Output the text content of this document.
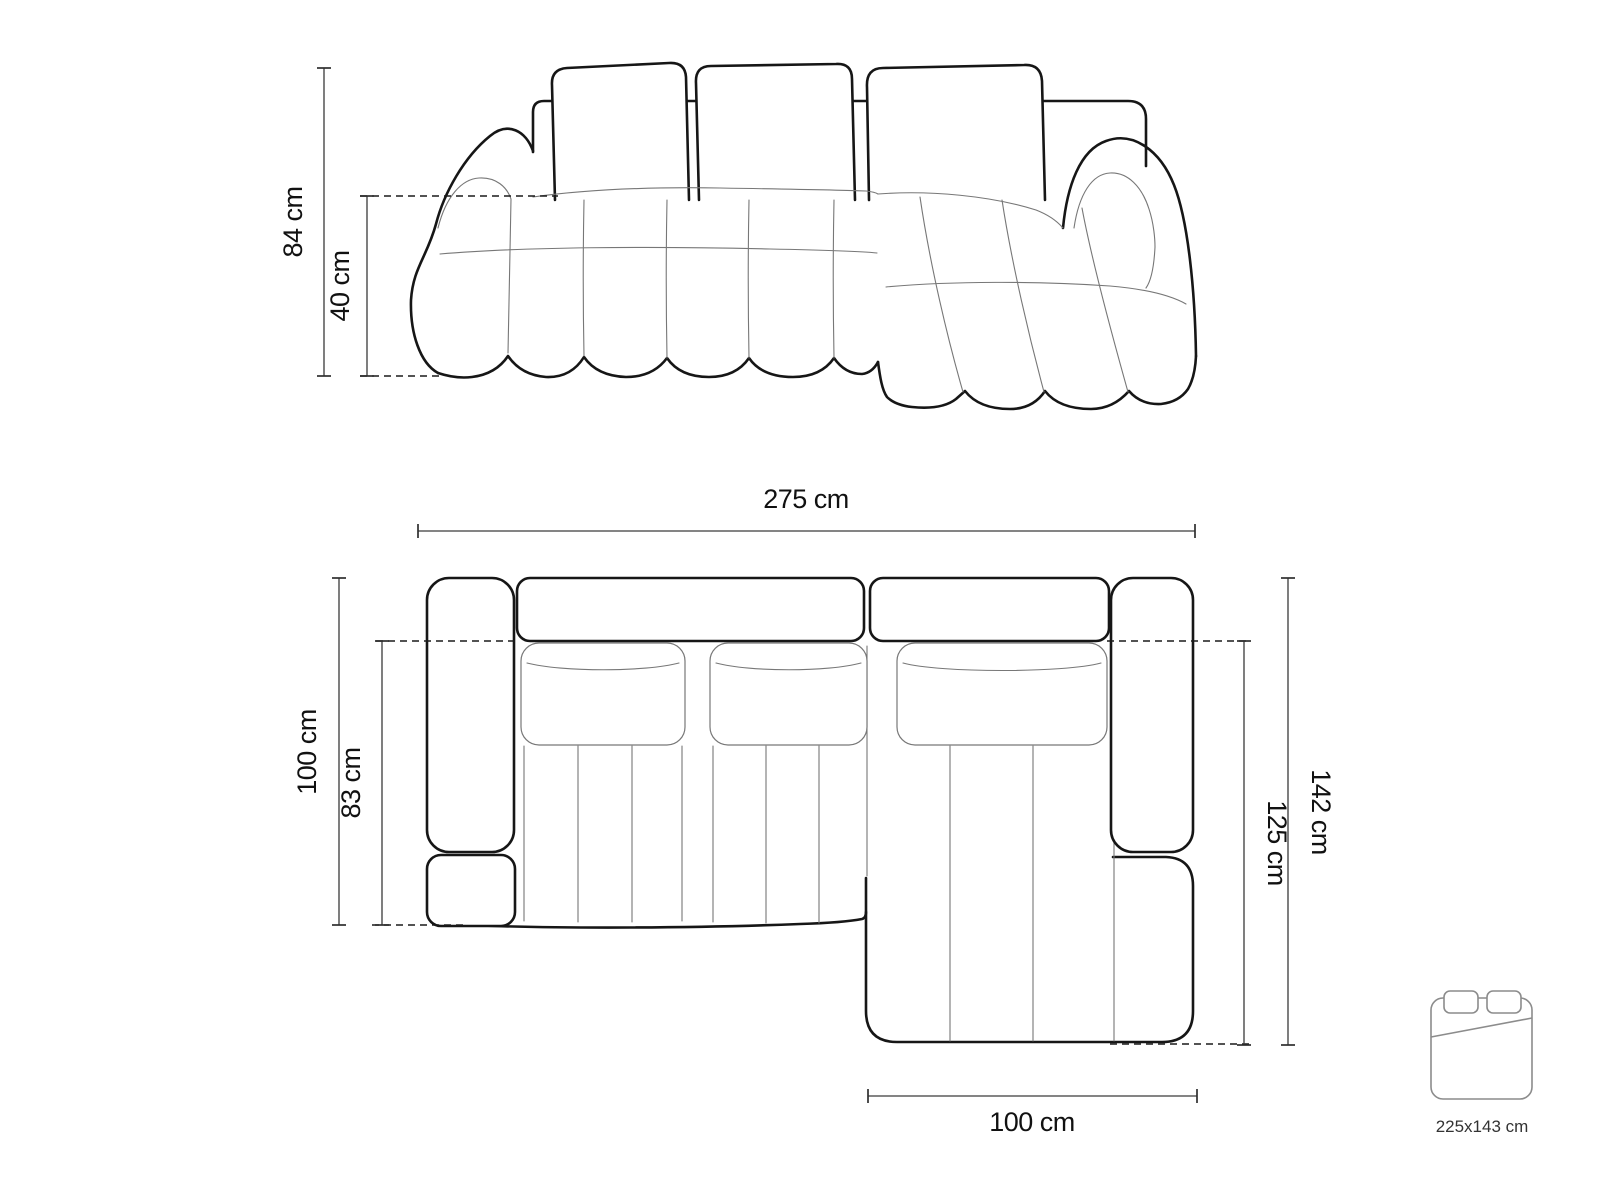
84 cm
40 cm
275 cm
100 cm 83 cm	142 cm
125 cm
100 cm	225x143 cm
